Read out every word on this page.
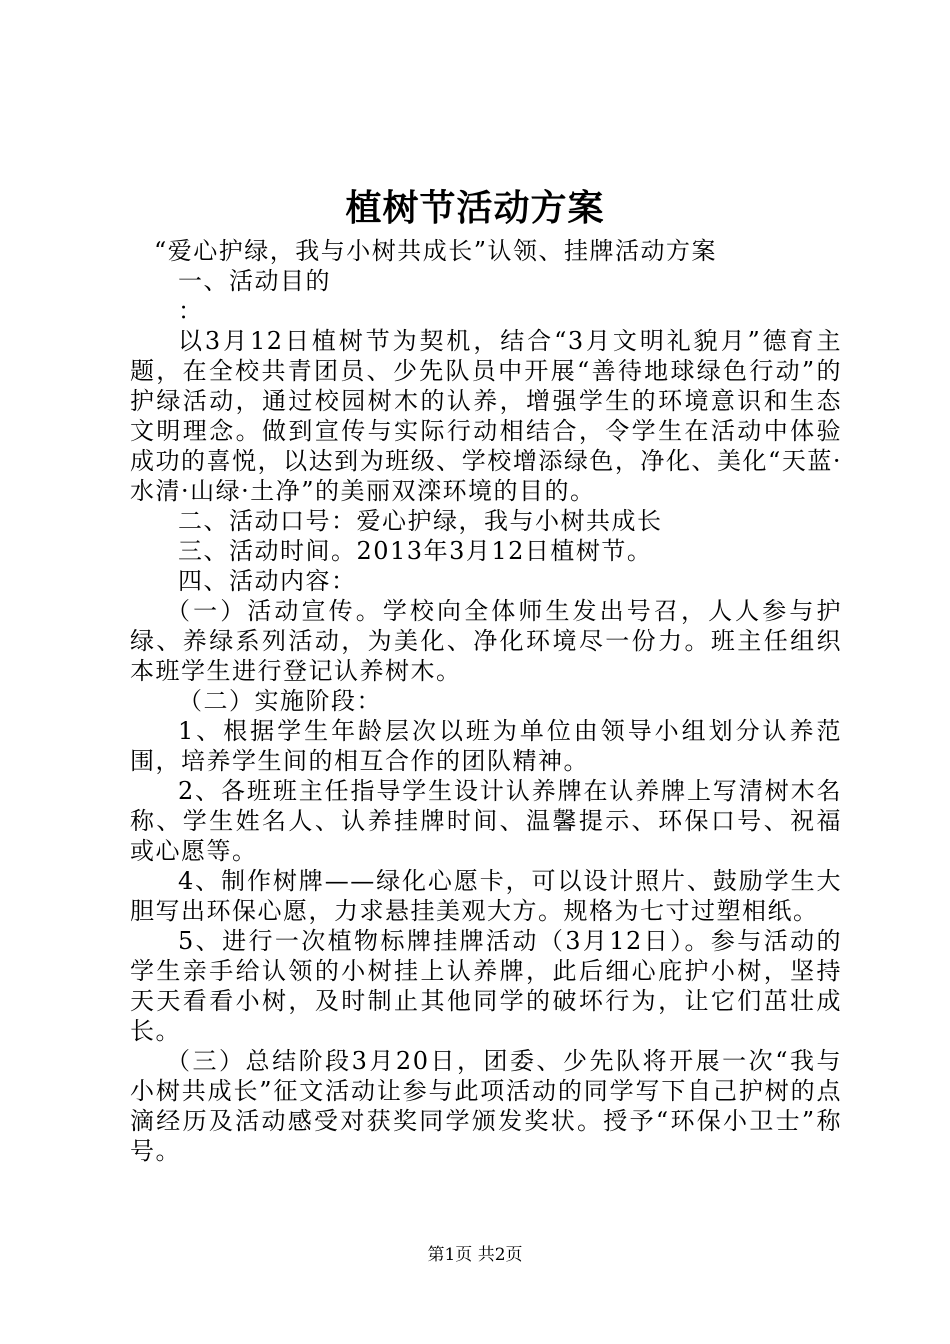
植树节活动方案

“爱心护绿，我与小树共成长”认领、挂牌活动方案

一、活动目的

：

以3月12日植树节为契机，结合“3月文明礼貌月”德育主题，在全校共青团员、少先队员中开展“善待地球绿色行动”的护绿活动，通过校园树木的认养，增强学生的环境意识和生态文明理念。做到宣传与实际行动相结合，令学生在活动中体验成功的喜悦，以达到为班级、学校增添绿色，净化、美化“天蓝·水清·山绿·土净”的美丽双滦环境的目的。

二、活动口号：爱心护绿，我与小树共成长

三、活动时间。2013年3月12日植树节。

四、活动内容：

（一）活动宣传。学校向全体师生发出号召，人人参与护绿、养绿系列活动，为美化、净化环境尽一份力。班主任组织本班学生进行登记认养树木。

（二）实施阶段：

1、根据学生年龄层次以班为单位由领导小组划分认养范围，培养学生间的相互合作的团队精神。

2、各班班主任指导学生设计认养牌在认养牌上写清树木名称、学生姓名人、认养挂牌时间、温馨提示、环保口号、祝福或心愿等。

4、制作树牌——绿化心愿卡，可以设计照片、鼓励学生大胆写出环保心愿，力求悬挂美观大方。规格为七寸过塑相纸。

5、进行一次植物标牌挂牌活动（3月12日）。参与活动的学生亲手给认领的小树挂上认养牌，此后细心庇护小树，坚持天天看看小树，及时制止其他同学的破坏行为，让它们茁壮成长。

（三）总结阶段3月20日，团委、少先队将开展一次“我与小树共成长”征文活动让参与此项活动的同学写下自己护树的点滴经历及活动感受对获奖同学颁发奖状。授予“环保小卫士”称号。

第1页 共2页
